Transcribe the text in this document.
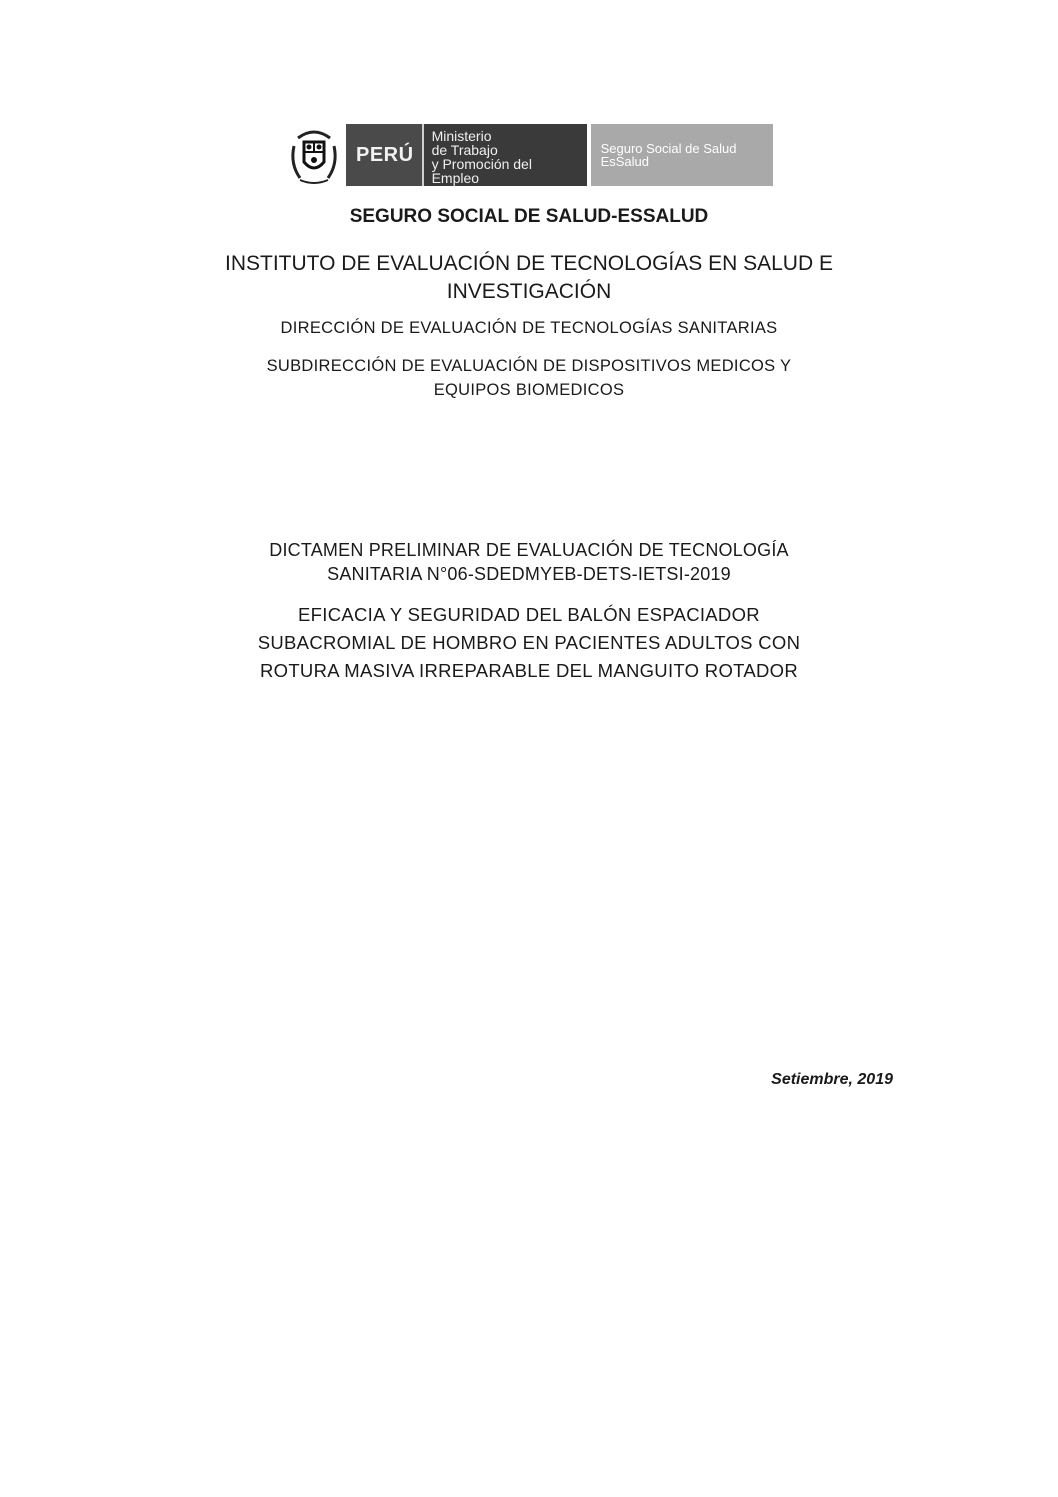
PERÚ
Ministerio
de Trabajo
y Promoción del Empleo
Seguro Social de Salud
EsSalud
SEGURO SOCIAL DE SALUD-ESSALUD
INSTITUTO DE EVALUACIÓN DE TECNOLOGÍAS EN SALUD E
INVESTIGACIÓN
DIRECCIÓN DE EVALUACIÓN DE TECNOLOGÍAS SANITARIAS
SUBDIRECCIÓN DE EVALUACIÓN DE DISPOSITIVOS MEDICOS Y
EQUIPOS BIOMEDICOS
DICTAMEN PRELIMINAR DE EVALUACIÓN DE TECNOLOGÍA
SANITARIA N°06-SDEDMYEB-DETS-IETSI-2019
EFICACIA Y SEGURIDAD DEL BALÓN ESPACIADOR
SUBACROMIAL DE HOMBRO EN PACIENTES ADULTOS CON
ROTURA MASIVA IRREPARABLE DEL MANGUITO ROTADOR

Setiembre, 2019
